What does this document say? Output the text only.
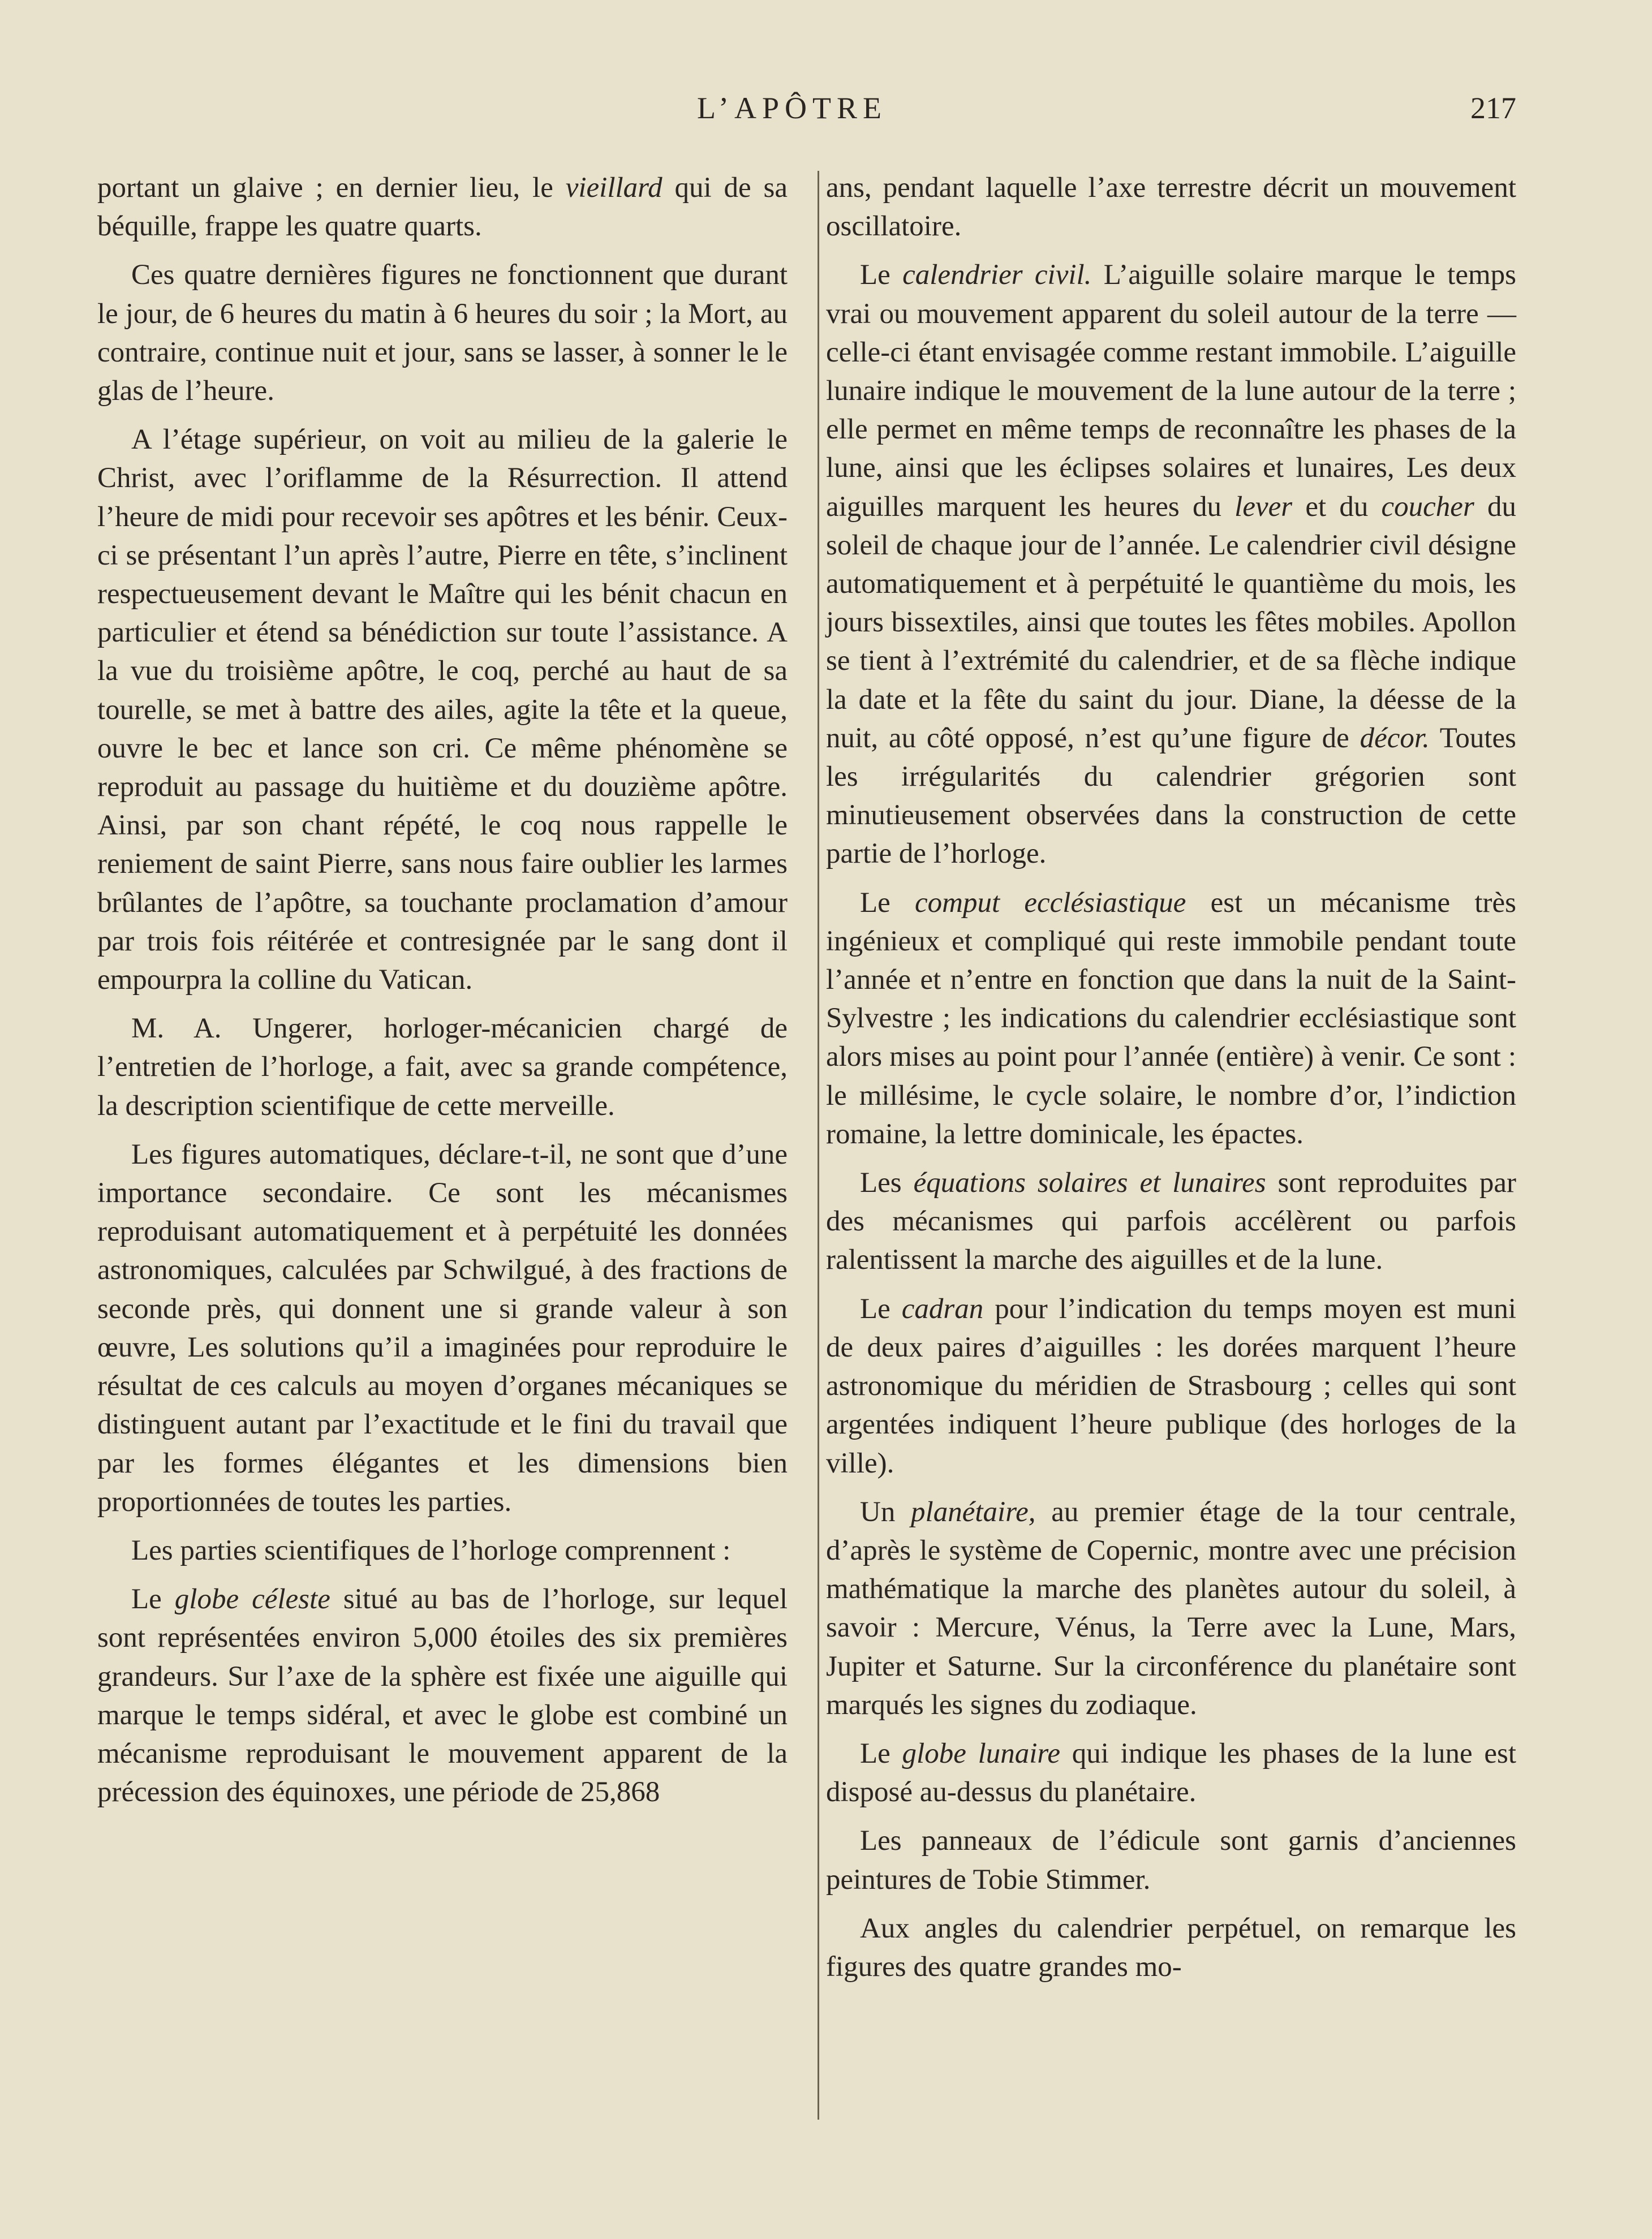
L’APÔTRE	217

portant un glaive ; en dernier lieu, le vieillard qui de sa béquille, frappe les quatre quarts.

Ces quatre dernières figures ne fonctionnent que durant le jour, de 6 heures du matin à 6 heures du soir ; la Mort, au contraire, continue nuit et jour, sans se lasser, à sonner le le glas de l’heure.

A l’étage supérieur, on voit au milieu de la galerie le Christ, avec l’oriflamme de la Résurrection. Il attend l’heure de midi pour recevoir ses apôtres et les bénir. Ceux-ci se présentant l’un après l’autre, Pierre en tête, s’inclinent respectueusement devant le Maître qui les bénit chacun en particulier et étend sa bénédiction sur toute l’assistance. A la vue du troisième apôtre, le coq, perché au haut de sa tourelle, se met à battre des ailes, agite la tête et la queue, ouvre le bec et lance son cri. Ce même phénomène se reproduit au passage du huitième et du douzième apôtre. Ainsi, par son chant répété, le coq nous rappelle le reniement de saint Pierre, sans nous faire oublier les larmes brûlantes de l’apôtre, sa touchante proclamation d’amour par trois fois réitérée et contresignée par le sang dont il empourpra la colline du Vatican.

M. A. Ungerer, horloger-mécanicien chargé de l’entretien de l’horloge, a fait, avec sa grande compétence, la description scientifique de cette merveille.

Les figures automatiques, déclare-t-il, ne sont que d’une importance secondaire. Ce sont les mécanismes reproduisant automatiquement et à perpétuité les données astronomiques, calculées par Schwilgué, à des fractions de seconde près, qui donnent une si grande valeur à son œuvre, Les solutions qu’il a imaginées pour reproduire le résultat de ces calculs au moyen d’organes mécaniques se distinguent autant par l’exactitude et le fini du travail que par les formes élégantes et les dimensions bien proportionnées de toutes les parties.

Les parties scientifiques de l’horloge comprennent :

Le globe céleste situé au bas de l’horloge, sur lequel sont représentées environ 5,000 étoiles des six premières grandeurs. Sur l’axe de la sphère est fixée une aiguille qui marque le temps sidéral, et avec le globe est combiné un mécanisme reproduisant le mouvement apparent de la précession des équinoxes, une période de 25,868

ans, pendant laquelle l’axe terrestre décrit un mouvement oscillatoire.

Le calendrier civil. L’aiguille solaire marque le temps vrai ou mouvement apparent du soleil autour de la terre — celle-ci étant envisagée comme restant immobile. L’aiguille lunaire indique le mouvement de la lune autour de la terre ; elle permet en même temps de reconnaître les phases de la lune, ainsi que les éclipses solaires et lunaires, Les deux aiguilles marquent les heures du lever et du coucher du soleil de chaque jour de l’année. Le calendrier civil désigne automatiquement et à perpétuité le quantième du mois, les jours bissextiles, ainsi que toutes les fêtes mobiles. Apollon se tient à l’extrémité du calendrier, et de sa flèche indique la date et la fête du saint du jour. Diane, la déesse de la nuit, au côté opposé, n’est qu’une figure de décor. Toutes les irrégularités du calendrier grégorien sont minutieusement observées dans la construction de cette partie de l’horloge.

Le comput ecclésiastique est un mécanisme très ingénieux et compliqué qui reste immobile pendant toute l’année et n’entre en fonction que dans la nuit de la Saint-Sylvestre ; les indications du calendrier ecclésiastique sont alors mises au point pour l’année (entière) à venir. Ce sont : le millésime, le cycle solaire, le nombre d’or, l’indiction romaine, la lettre dominicale, les épactes.

Les équations solaires et lunaires sont reproduites par des mécanismes qui parfois accélèrent ou parfois ralentissent la marche des aiguilles et de la lune.

Le cadran pour l’indication du temps moyen est muni de deux paires d’aiguilles : les dorées marquent l’heure astronomique du méridien de Strasbourg ; celles qui sont argentées indiquent l’heure publique (des horloges de la ville).

Un planétaire, au premier étage de la tour centrale, d’après le système de Copernic, montre avec une précision mathématique la marche des planètes autour du soleil, à savoir : Mercure, Vénus, la Terre avec la Lune, Mars, Jupiter et Saturne. Sur la circonférence du planétaire sont marqués les signes du zodiaque.

Le globe lunaire qui indique les phases de la lune est disposé au-dessus du planétaire.

Les panneaux de l’édicule sont garnis d’anciennes peintures de Tobie Stimmer.

Aux angles du calendrier perpétuel, on remarque les figures des quatre grandes mo-
